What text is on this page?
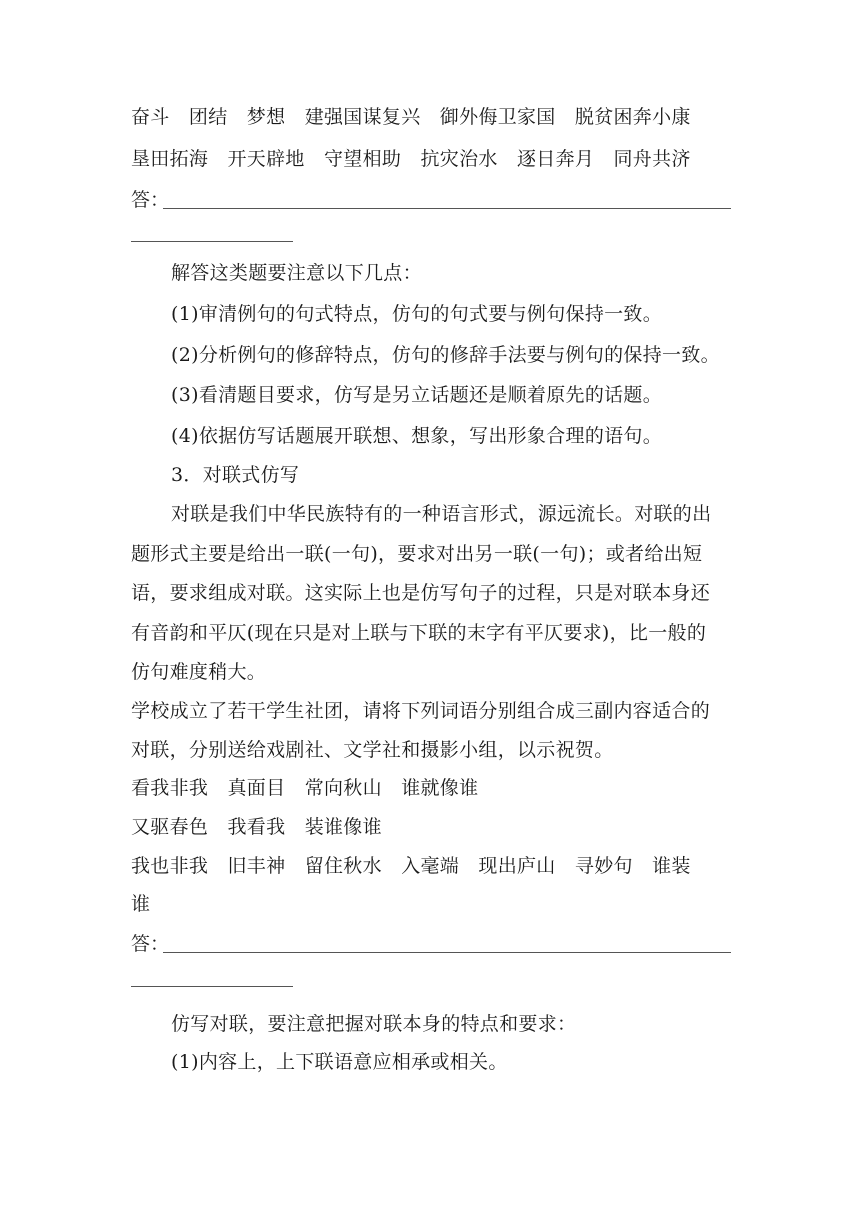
奋斗　团结　梦想　建强国谋复兴　御外侮卫家国　脱贫困奔小康
垦田拓海　开天辟地　守望相助　抗灾治水　逐日奔月　同舟共济
答：
解答这类题要注意以下几点：
(1)审清例句的句式特点，仿句的句式要与例句保持一致。
(2)分析例句的修辞特点，仿句的修辞手法要与例句的保持一致。
(3)看清题目要求，仿写是另立话题还是顺着原先的话题。
(4)依据仿写话题展开联想、想象，写出形象合理的语句。
3．对联式仿写
对联是我们中华民族特有的一种语言形式，源远流长。对联的出
题形式主要是给出一联(一句)，要求对出另一联(一句)；或者给出短
语，要求组成对联。这实际上也是仿写句子的过程，只是对联本身还
有音韵和平仄(现在只是对上联与下联的末字有平仄要求)，比一般的
仿句难度稍大。
学校成立了若干学生社团，请将下列词语分别组合成三副内容适合的
对联，分别送给戏剧社、文学社和摄影小组，以示祝贺。
看我非我　真面目　常向秋山　谁就像谁
又驱春色　我看我　装谁像谁
我也非我　旧丰神　留住秋水　入毫端　现出庐山　寻妙句　谁装
谁
答：
仿写对联，要注意把握对联本身的特点和要求：
(1)内容上，上下联语意应相承或相关。
